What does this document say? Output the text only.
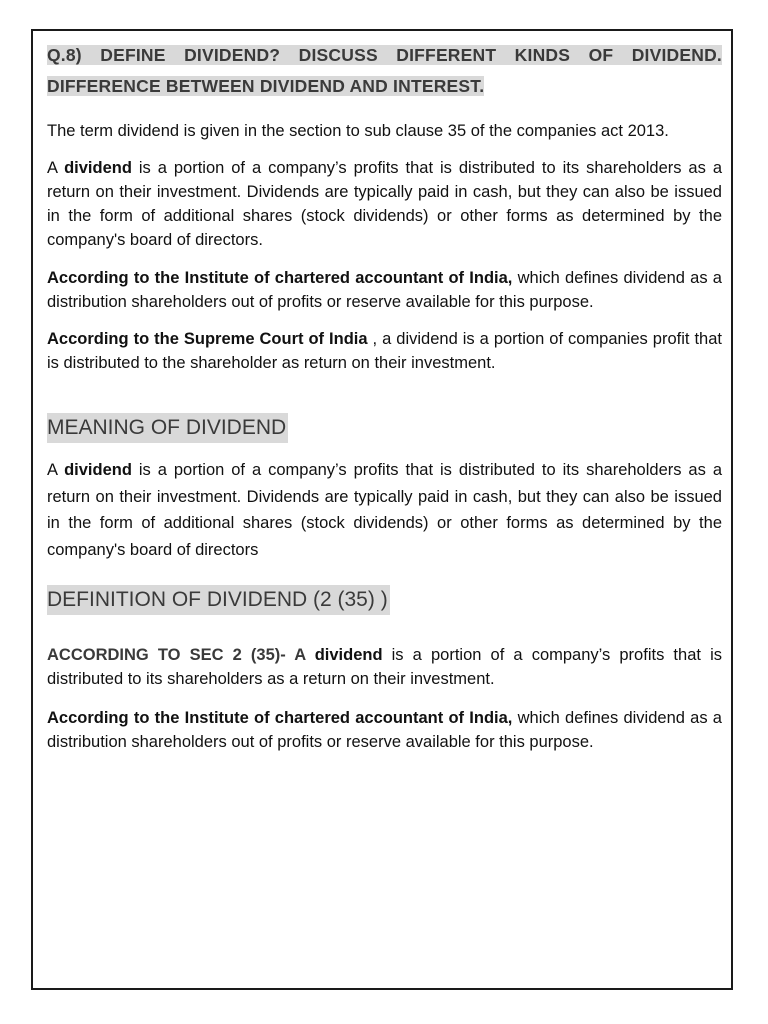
Q.8) DEFINE DIVIDEND? DISCUSS DIFFERENT KINDS OF DIVIDEND.
DIFFERENCE BETWEEN DIVIDEND AND INTEREST.

The term dividend is given in the section to sub clause 35 of the companies act 2013.

A dividend is a portion of a company’s profits that is distributed to its shareholders as a return on their investment. Dividends are typically paid in cash, but they can also be issued in the form of additional shares (stock dividends) or other forms as determined by the company's board of directors.

According to the Institute of chartered accountant of India, which defines dividend as a distribution shareholders out of profits or reserve available for this purpose.

According to the Supreme Court of India , a dividend is a portion of companies profit that is distributed to the shareholder as return on their investment.

MEANING OF DIVIDEND

A dividend is a portion of a company’s profits that is distributed to its shareholders as a return on their investment. Dividends are typically paid in cash, but they can also be issued in the form of additional shares (stock dividends) or other forms as determined by the company's board of directors

DEFINITION OF DIVIDEND (2 (35) )

ACCORDING TO SEC 2 (35)- A dividend is a portion of a company’s profits that is distributed to its shareholders as a return on their investment.

According to the Institute of chartered accountant of India, which defines dividend as a distribution shareholders out of profits or reserve available for this purpose.
